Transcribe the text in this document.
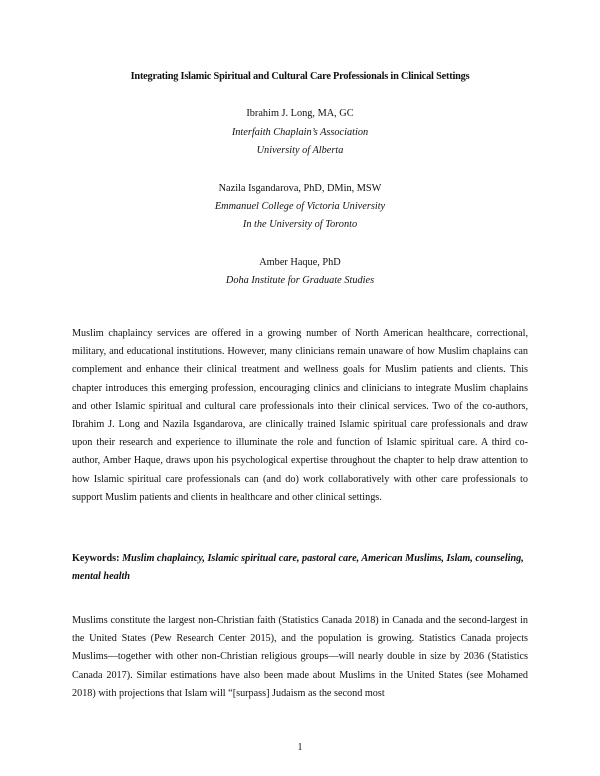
Integrating Islamic Spiritual and Cultural Care Professionals in Clinical Settings
Ibrahim J. Long, MA, GC
Interfaith Chaplain’s Association
University of Alberta
Nazila Isgandarova, PhD, DMin, MSW
Emmanuel College of Victoria University
In the University of Toronto
Amber Haque, PhD
Doha Institute for Graduate Studies
Muslim chaplaincy services are offered in a growing number of North American healthcare, correctional, military, and educational institutions. However, many clinicians remain unaware of how Muslim chaplains can complement and enhance their clinical treatment and wellness goals for Muslim patients and clients. This chapter introduces this emerging profession, encouraging clinics and clinicians to integrate Muslim chaplains and other Islamic spiritual and cultural care professionals into their clinical services. Two of the co-authors, Ibrahim J. Long and Nazila Isgandarova, are clinically trained Islamic spiritual care professionals and draw upon their research and experience to illuminate the role and function of Islamic spiritual care. A third co-author, Amber Haque, draws upon his psychological expertise throughout the chapter to help draw attention to how Islamic spiritual care professionals can (and do) work collaboratively with other care professionals to support Muslim patients and clients in healthcare and other clinical settings.
Keywords: Muslim chaplaincy, Islamic spiritual care, pastoral care, American Muslims, Islam, counseling, mental health
Muslims constitute the largest non-Christian faith (Statistics Canada 2018) in Canada and the second-largest in the United States (Pew Research Center 2015), and the population is growing. Statistics Canada projects Muslims—together with other non-Christian religious groups—will nearly double in size by 2036 (Statistics Canada 2017). Similar estimations have also been made about Muslims in the United States (see Mohamed 2018) with projections that Islam will “[surpass] Judaism as the second most
1
